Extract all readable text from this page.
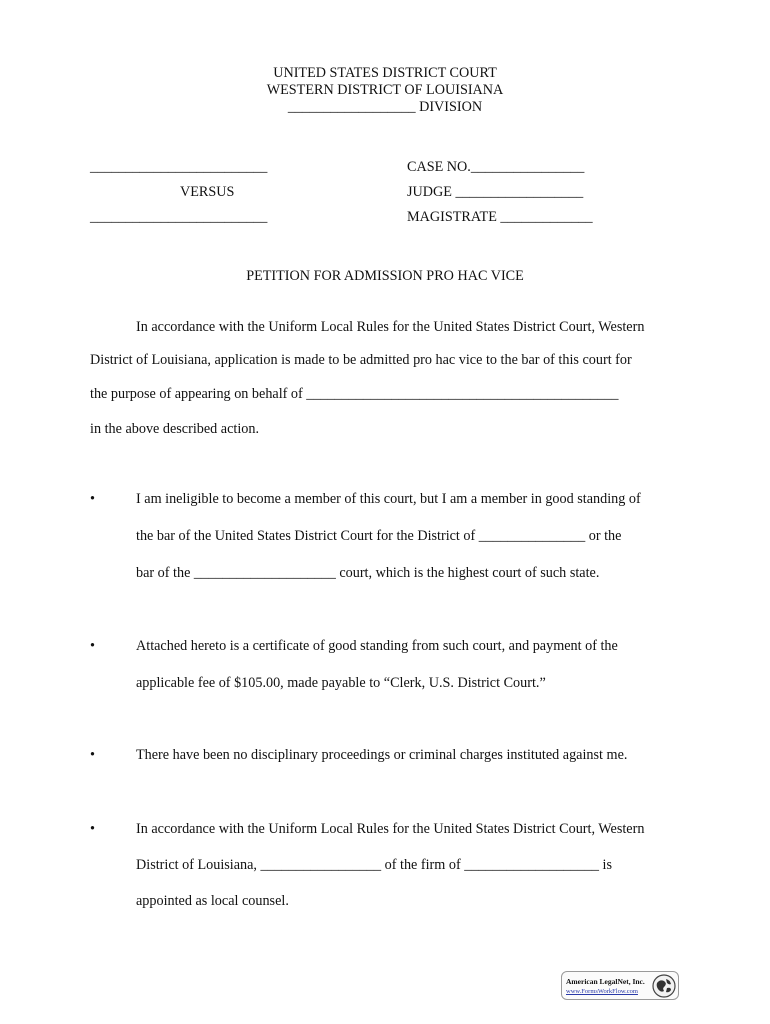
UNITED STATES DISTRICT COURT
WESTERN DISTRICT OF LOUISIANA
__________________ DIVISION
_________________________
VERSUS
_________________________
CASE NO.________________
JUDGE __________________
MAGISTRATE _____________
PETITION FOR ADMISSION PRO HAC VICE
In accordance with the Uniform Local Rules for the United States District Court, Western
District of Louisiana, application is made to be admitted pro hac vice to the bar of this court for
the purpose of appearing on behalf of ____________________________________________
in the above described action.
•	I am ineligible to become a member of this court, but I am a member in good standing of
the bar of the United States District Court for the District of _______________ or the
bar of the ____________________ court, which is the highest court of such state.
•	Attached hereto is a certificate of good standing from such court, and payment of the
applicable fee of $105.00, made payable to “Clerk, U.S. District Court.”
•	There have been no disciplinary proceedings or criminal charges instituted against me.
•	In accordance with the Uniform Local Rules for the United States District Court, Western
District of Louisiana, _________________ of the firm of ___________________ is
appointed as local counsel.
American LegalNet, Inc.
www.FormsWorkFlow.com
